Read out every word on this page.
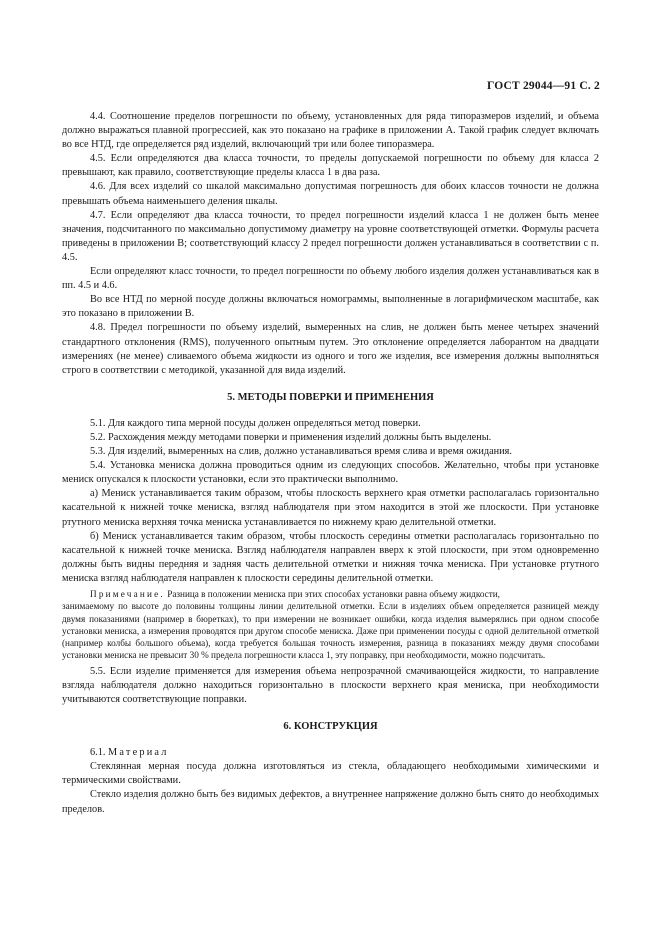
ГОСТ 29044—91 С. 2

4.4. Соотношение пределов погрешности по объему, установленных для ряда типоразмеров изделий, и объема должно выражаться плавной прогрессией, как это показано на графике в приложении А. Такой график следует включать во все НТД, где определяется ряд изделий, включающий три или более типоразмера.

4.5. Если определяются два класса точности, то пределы допускаемой погрешности по объему для класса 2 превышают, как правило, соответствующие пределы класса 1 в два раза.

4.6. Для всех изделий со шкалой максимально допустимая погрешность для обоих классов точности не должна превышать объема наименьшего деления шкалы.

4.7. Если определяют два класса точности, то предел погрешности изделий класса 1 не должен быть менее значения, подсчитанного по максимально допустимому диаметру на уровне соответствующей отметки. Формулы расчета приведены в приложении В; соответствующий классу 2 предел погрешности должен устанавливаться в соответствии с п. 4.5.

Если определяют класс точности, то предел погрешности по объему любого изделия должен устанавливаться как в пп. 4.5 и 4.6.

Во все НТД по мерной посуде должны включаться номограммы, выполненные в логарифмическом масштабе, как это показано в приложении В.

4.8. Предел погрешности по объему изделий, вымеренных на слив, не должен быть менее четырех значений стандартного отклонения (RMS), полученного опытным путем. Это отклонение определяется лаборантом на двадцати измерениях (не менее) сливаемого объема жидкости из одного и того же изделия, все измерения должны выполняться строго в соответствии с методикой, указанной для вида изделий.

5. МЕТОДЫ ПОВЕРКИ И ПРИМЕНЕНИЯ

5.1. Для каждого типа мерной посуды должен определяться метод поверки.

5.2. Расхождения между методами поверки и применения изделий должны быть выделены.

5.3. Для изделий, вымеренных на слив, должно устанавливаться время слива и время ожидания.

5.4. Установка мениска должна проводиться одним из следующих способов. Желательно, чтобы при установке мениск опускался к плоскости установки, если это практически выполнимо.

а) Мениск устанавливается таким образом, чтобы плоскость верхнего края отметки располагалась горизонтально касательной к нижней точке мениска, взгляд наблюдателя при этом находится в этой же плоскости. При установке ртутного мениска верхняя точка мениска устанавливается по нижнему краю делительной отметки.

б) Мениск устанавливается таким образом, чтобы плоскость середины отметки располагалась горизонтально по касательной к нижней точке мениска. Взгляд наблюдателя направлен вверх к этой плоскости, при этом одновременно должны быть видны передняя и задняя часть делительной отметки и нижняя точка мениска. При установке ртутного мениска взгляд наблюдателя направлен к плоскости середины делительной отметки.

Примечание. Разница в положении мениска при этих способах установки равна объему жидкости,

занимаемому по высоте до половины толщины линии делительной отметки. Если в изделиях объем определяется разницей между двумя показаниями (например в бюретках), то при измерении не возникает ошибки, когда изделия вымерялись при одном способе установки мениска, а измерения проводятся при другом способе мениска. Даже при применении посуды с одной делительной отметкой (например колбы большого объема), когда требуется большая точность измерения, разница в показаниях между двумя способами установки мениска не превысит 30 % предела погрешности класса 1, эту поправку, при необходимости, можно подсчитать.

5.5. Если изделие применяется для измерения объема непрозрачной смачивающейся жидкости, то направление взгляда наблюдателя должно находиться горизонтально в плоскости верхнего края мениска, при необходимости учитываются соответствующие поправки.

6. КОНСТРУКЦИЯ

6.1. Материал

Стеклянная мерная посуда должна изготовляться из стекла, обладающего необходимыми химическими и термическими свойствами.

Стекло изделия должно быть без видимых дефектов, а внутреннее напряжение должно быть снято до необходимых пределов.
